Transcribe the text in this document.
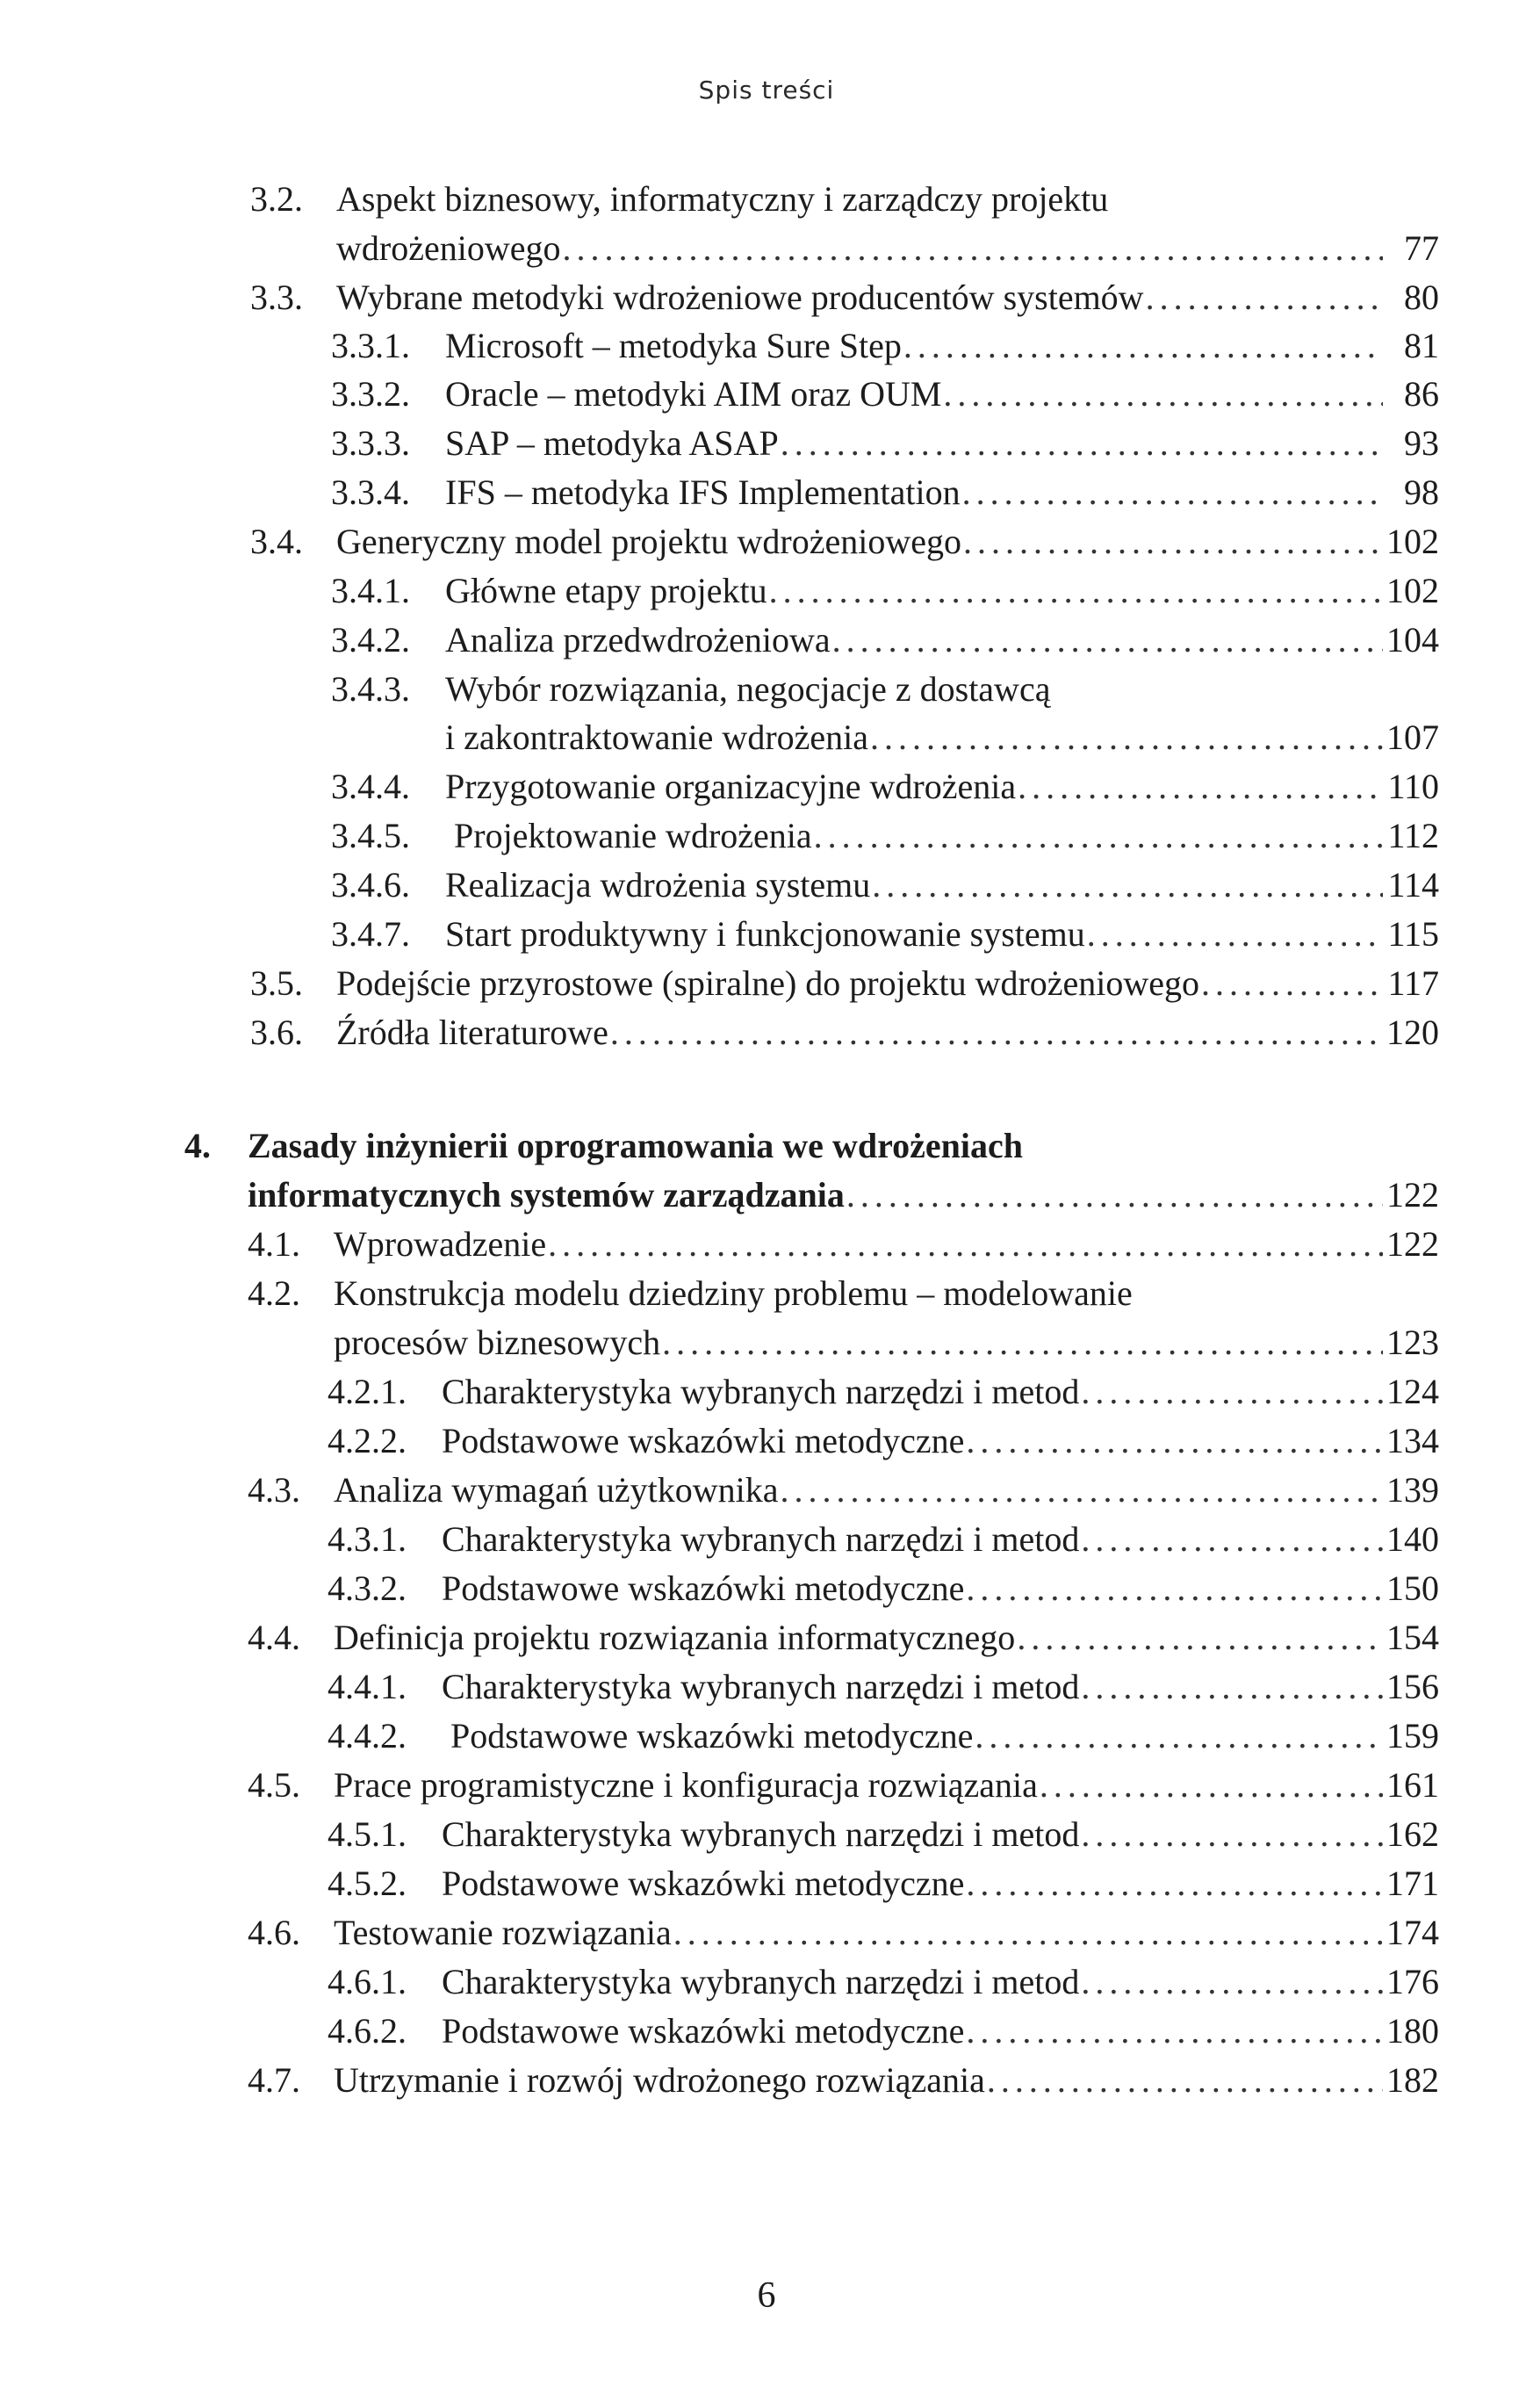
Spis treści
3.2. Aspekt biznesowy, informatyczny i zarządczy projektu
wdrożeniowego .....	77
3.3. Wybrane metodyki wdrożeniowe producentów systemów .....	80
3.3.1.	Microsoft – metodyka Sure Step .....	81
3.3.2.	Oracle – metodyki AIM oraz OUM .....	86
3.3.3.	SAP – metodyka ASAP .....	93
3.3.4.	IFS – metodyka IFS Implementation .....	98
3.4. Generyczny model projektu wdrożeniowego .....	102
3.4.1.	Główne etapy projektu .....	102
3.4.2.	Analiza przedwdrożeniowa .....	104
3.4.3. Wybór rozwiązania, negocjacje z dostawcą
i zakontraktowanie wdrożenia .....	107
3.4.4.	Przygotowanie organizacyjne wdrożenia .....	110
3.4.5.	Projektowanie wdrożenia .....	112
3.4.6.	Realizacja wdrożenia systemu .....	114
3.4.7.	Start produktywny i funkcjonowanie systemu .....	115
3.5. Podejście przyrostowe (spiralne) do projektu wdrożeniowego .....	117
3.6. Źródła literaturowe .....	120
4. Zasady inżynierii oprogramowania we wdrożeniach
informatycznych systemów zarządzania .....	122
4.1. Wprowadzenie .....	122
4.2. Konstrukcja modelu dziedziny problemu – modelowanie
procesów biznesowych .....	123
4.2.1.	Charakterystyka wybranych narzędzi i metod .....	124
4.2.2.	Podstawowe wskazówki metodyczne .....	134
4.3. Analiza wymagań użytkownika .....	139
4.3.1.	Charakterystyka wybranych narzędzi i metod .....	140
4.3.2.	Podstawowe wskazówki metodyczne .....	150
4.4. Definicja projektu rozwiązania informatycznego .....	154
4.4.1.	Charakterystyka wybranych narzędzi i metod .....	156
4.4.2.	Podstawowe wskazówki metodyczne .....	159
4.5. Prace programistyczne i konfiguracja rozwiązania .....	161
4.5.1.	Charakterystyka wybranych narzędzi i metod .....	162
4.5.2.	Podstawowe wskazówki metodyczne .....	171
4.6. Testowanie rozwiązania .....	174
4.6.1.	Charakterystyka wybranych narzędzi i metod .....	176
4.6.2.	Podstawowe wskazówki metodyczne .....	180
4.7. Utrzymanie i rozwój wdrożonego rozwiązania .....	182
6
